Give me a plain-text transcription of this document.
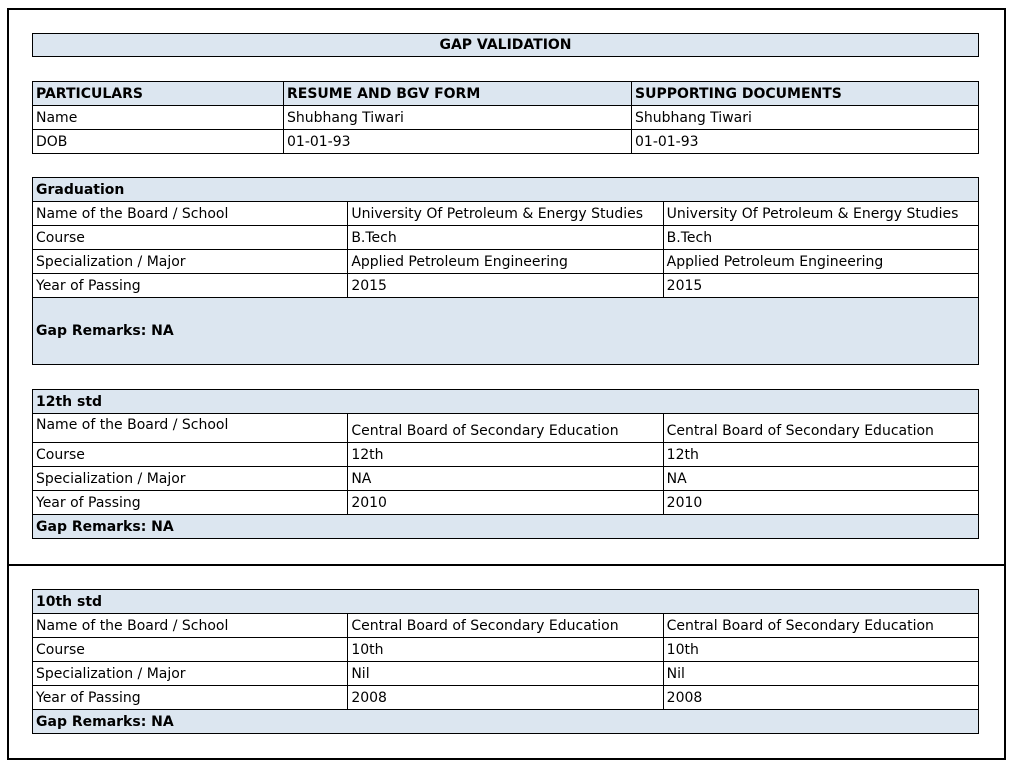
GAP VALIDATION
PARTICULARS	RESUME AND BGV FORM	SUPPORTING DOCUMENTS
Name	Shubhang Tiwari	Shubhang Tiwari
DOB	01-01-93	01-01-93
Graduation		
Name of the Board / School	University Of Petroleum & Energy Studies	University Of Petroleum & Energy Studies
Course	B.Tech	B.Tech
Specialization / Major	Applied Petroleum Engineering	Applied Petroleum Engineering
Year of Passing	2015	2015
Gap Remarks: NA		
12th std		
Name of the Board / School	Central Board of Secondary Education	Central Board of Secondary Education
Course	12th	12th
Specialization / Major	NA	NA
Year of Passing	2010	2010
Gap Remarks: NA		
10th std		
Name of the Board / School	Central Board of Secondary Education	Central Board of Secondary Education
Course	10th	10th
Specialization / Major	Nil	Nil
Year of Passing	2008	2008
Gap Remarks: NA		
